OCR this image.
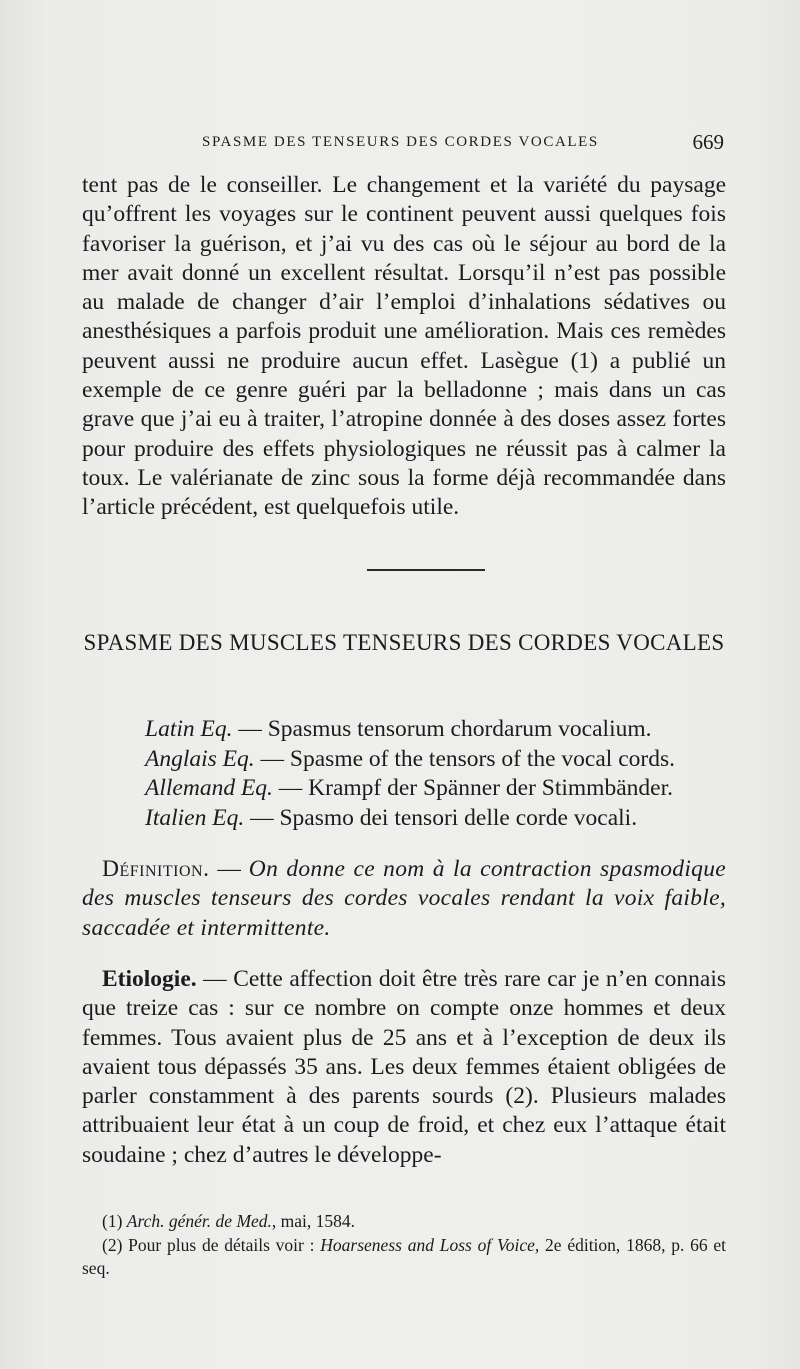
SPASME DES TENSEURS DES CORDES VOCALES	669

tent pas de le conseiller. Le changement et la variété du paysage qu’offrent les voyages sur le continent peuvent aussi quelques fois favoriser la guérison, et j’ai vu des cas où le séjour au bord de la mer avait donné un excellent résultat. Lorsqu’il n’est pas possible au malade de changer d’air l’emploi d’inhalations sédatives ou anesthésiques a parfois produit une amélioration. Mais ces remèdes peuvent aussi ne produire aucun effet. Lasègue (1) a publié un exemple de ce genre guéri par la belladonne ; mais dans un cas grave que j’ai eu à traiter, l’atropine donnée à des doses assez fortes pour produire des effets physiologiques ne réussit pas à calmer la toux. Le valérianate de zinc sous la forme déjà recommandée dans l’article précédent, est quelquefois utile.

SPASME DES MUSCLES TENSEURS DES CORDES VOCALES
Latin Eq. — Spasmus tensorum chordarum vocalium.
Anglais Eq. — Spasme of the tensors of the vocal cords.
Allemand Eq. — Krampf der Spänner der Stimmbänder.
Italien Eq. — Spasmo dei tensori delle corde vocali.

Définition. — On donne ce nom à la contraction spasmodique des muscles tenseurs des cordes vocales rendant la voix faible, saccadée et intermittente.

Etiologie. — Cette affection doit être très rare car je n’en connais que treize cas : sur ce nombre on compte onze hommes et deux femmes. Tous avaient plus de 25 ans et à l’exception de deux ils avaient tous dépassés 35 ans. Les deux femmes étaient obligées de parler constamment à des parents sourds (2). Plusieurs malades attribuaient leur état à un coup de froid, et chez eux l’attaque était soudaine ; chez d’autres le développe-

(1) Arch. génér. de Med., mai, 1584.
(2) Pour plus de détails voir : Hoarseness and Loss of Voice, 2e édition, 1868, p. 66 et seq.
